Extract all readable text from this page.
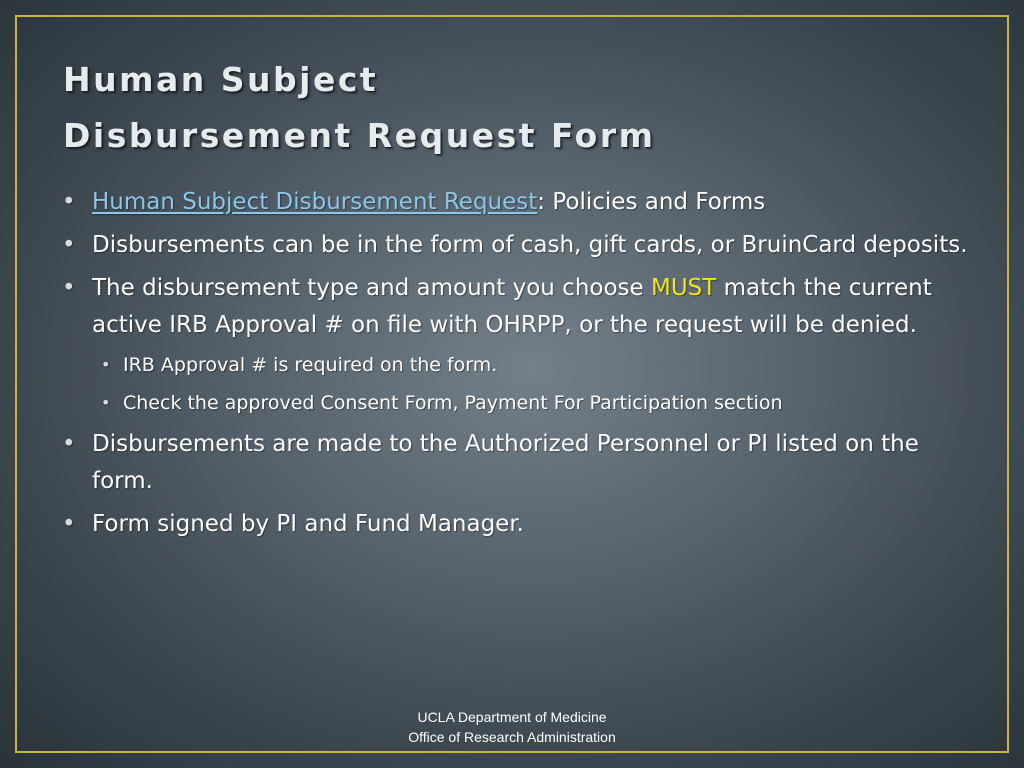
Human Subject
Disbursement Request Form
• Human Subject Disbursement Request: Policies and Forms
• Disbursements can be in the form of cash, gift cards, or BruinCard deposits.
• The disbursement type and amount you choose MUST match the current active IRB Approval # on file with OHRPP, or the request will be denied.
• IRB Approval # is required on the form.
• Check the approved Consent Form, Payment For Participation section
• Disbursements are made to the Authorized Personnel or PI listed on the form.
• Form signed by PI and Fund Manager.
UCLA Department of Medicine
Office of Research Administration
